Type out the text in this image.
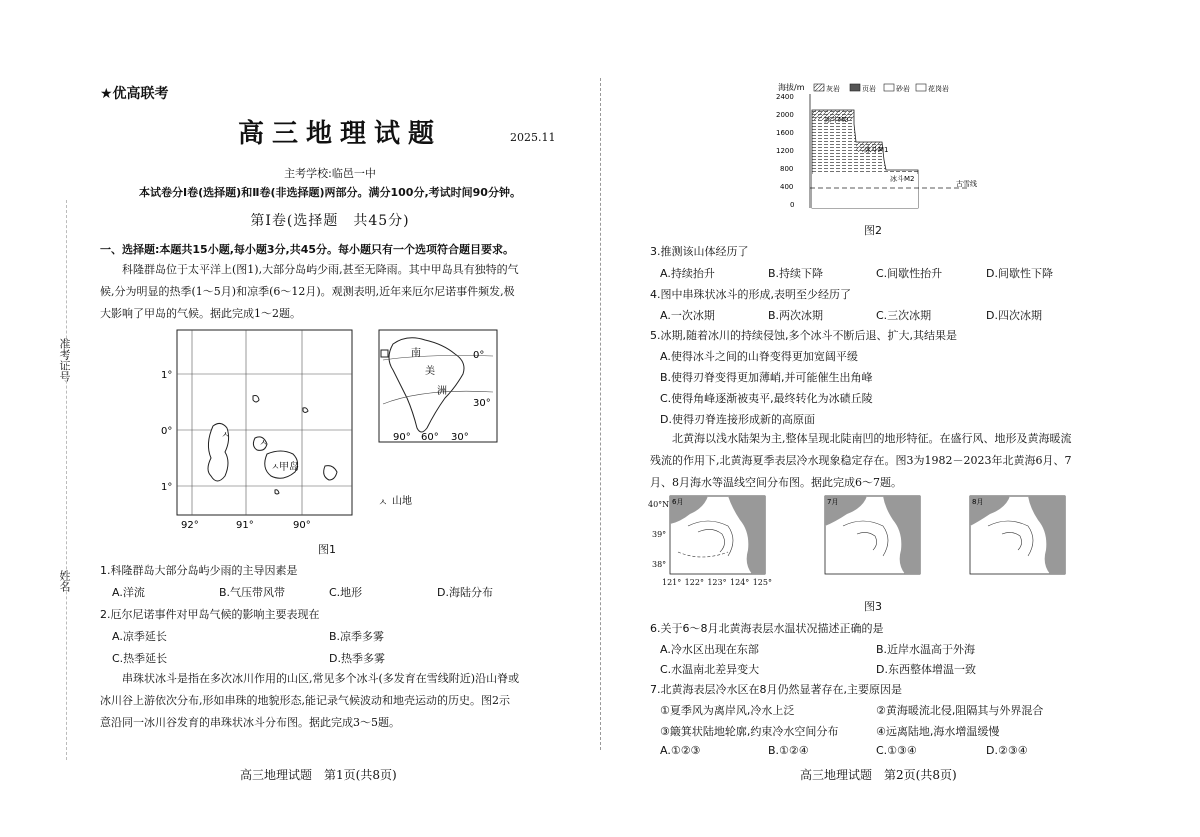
准考证号
姓名
★优高联考
高三地理试题	2025.11
主考学校:临邑一中
本试卷分Ⅰ卷(选择题)和Ⅱ卷(非选择题)两部分。满分100分,考试时间90分钟。
第Ⅰ卷(选择题　共45分)
一、选择题:本题共15小题,每小题3分,共45分。每小题只有一个选项符合题目要求。
科隆群岛位于太平洋上(图1),大部分岛屿少雨,甚至无降雨。其中甲岛具有独特的气
候,分为明显的热季(1～5月)和凉季(6～12月)。观测表明,近年来厄尔尼诺事件频发,极
大影响了甲岛的气候。据此完成1～2题。
ㅅ
ㅅ
ㅅ 甲岛
1°
0°
1°
92°	91°	90°
ㅅ 山地
南
美
洲
0°
30°
90° 60° 30°
图1
1.科隆群岛大部分岛屿少雨的主导因素是
A.洋流	B.气压带风带	C.地形	D.海陆分布
2.厄尔尼诺事件对甲岛气候的影响主要表现在
A.凉季延长	B.凉季多雾
C.热季延长	D.热季多雾
串珠状冰斗是指在多次冰川作用的山区,常见多个冰斗(多发育在雪线附近)沿山脊或
冰川谷上游依次分布,形如串珠的地貌形态,能记录气候波动和地壳运动的历史。图2示
意沿同一冰川谷发育的串珠状冰斗分布图。据此完成3～5题。
高三地理试题　第1页(共8页)
海拔/m	灰岩	页岩	砂岩	花岗岩
2400
2000
1600
1200
800
400
0
冰斗M0
冰斗M1
冰斗M2
古雪线
图2
3.推测该山体经历了
A.持续抬升	B.持续下降	C.间歇性抬升	D.间歇性下降
4.图中串珠状冰斗的形成,表明至少经历了
A.一次冰期	B.两次冰期	C.三次冰期	D.四次冰期
5.冰期,随着冰川的持续侵蚀,多个冰斗不断后退、扩大,其结果是
A.使得冰斗之间的山脊变得更加宽阔平缓
B.使得刃脊变得更加薄峭,并可能催生出角峰
C.使得角峰逐渐被夷平,最终转化为冰碛丘陵
D.使得刃脊连接形成新的高原面
北黄海以浅水陆架为主,整体呈现北陡南凹的地形特征。在盛行风、地形及黄海暖流
残流的作用下,北黄海夏季表层冷水现象稳定存在。图3为1982－2023年北黄海6月、7
月、8月海水等温线空间分布图。据此完成6～7题。
6月	7月	8月
40°N
39°
38°
121° 122° 123° 124° 125°
图3
6.关于6～8月北黄海表层水温状况描述正确的是
A.冷水区出现在东部	B.近岸水温高于外海
C.水温南北差异变大	D.东西整体增温一致
7.北黄海表层冷水区在8月仍然显著存在,主要原因是
①夏季风为离岸风,冷水上泛	②黄海暖流北侵,阻隔其与外界混合
③簸箕状陆地轮廓,约束冷水空间分布	④远离陆地,海水增温缓慢
A.①②③	B.①②④	C.①③④	D.②③④
高三地理试题　第2页(共8页)
